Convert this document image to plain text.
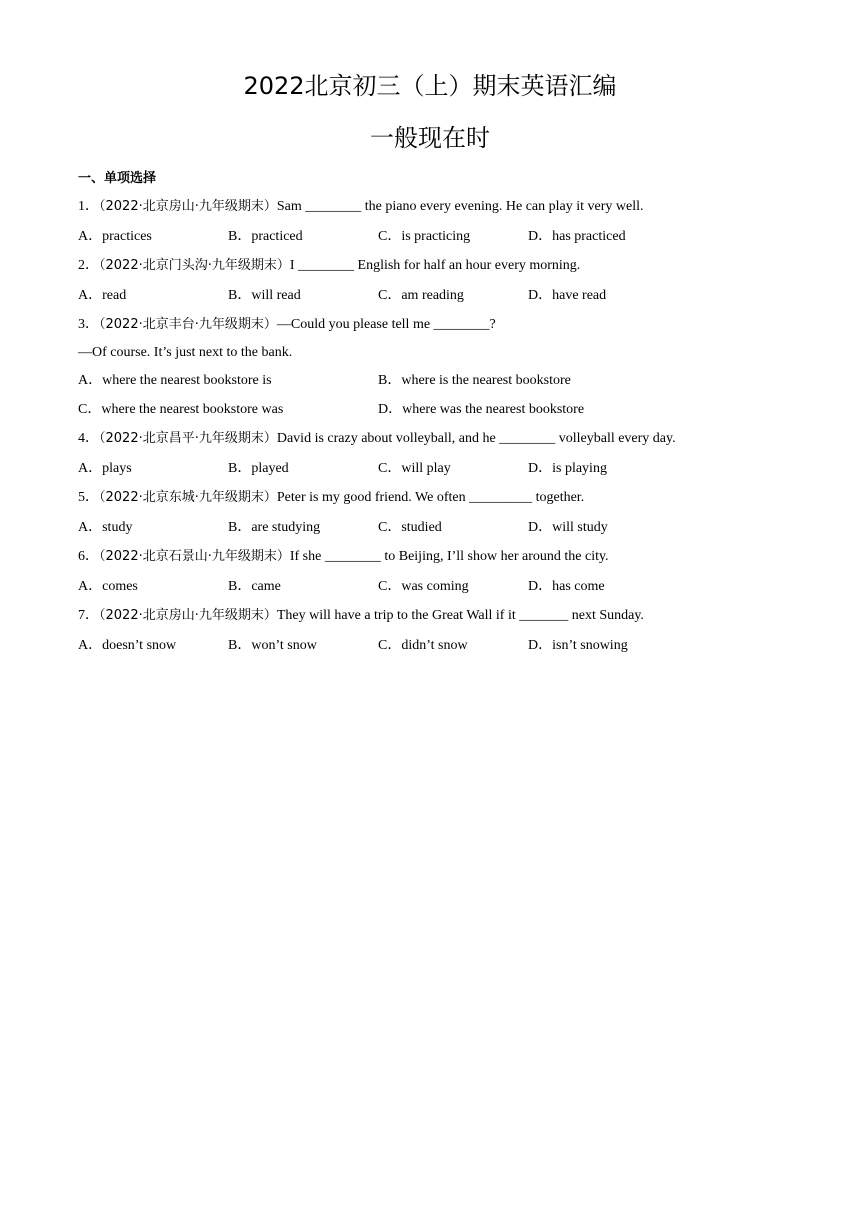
2022北京初三（上）期末英语汇编
一般现在时
一、单项选择
1．（2022·北京房山·九年级期末）Sam ________ the piano every evening. He can play it very well.
A．practices	B．practiced	C．is practicing	D．has practiced
2．（2022·北京门头沟·九年级期末）I ________ English for half an hour every morning.
A．read	B．will read	C．am reading	D．have read
3．（2022·北京丰台·九年级期末）—Could you please tell me ________?
—Of course. It’s just next to the bank.
A．where the nearest bookstore is	B．where is the nearest bookstore
C．where the nearest bookstore was	D．where was the nearest bookstore
4．（2022·北京昌平·九年级期末）David is crazy about volleyball, and he ________ volleyball every day.
A．plays	B．played	C．will play	D．is playing
5．（2022·北京东城·九年级期末）Peter is my good friend. We often _________ together.
A．study	B．are studying	C．studied	D．will study
6．（2022·北京石景山·九年级期末）If she ________ to Beijing, I’ll show her around the city.
A．comes	B．came	C．was coming	D．has come
7．（2022·北京房山·九年级期末）They will have a trip to the Great Wall if it _______ next Sunday.
A．doesn’t snow	B．won’t snow	C．didn’t snow	D．isn’t snowing
